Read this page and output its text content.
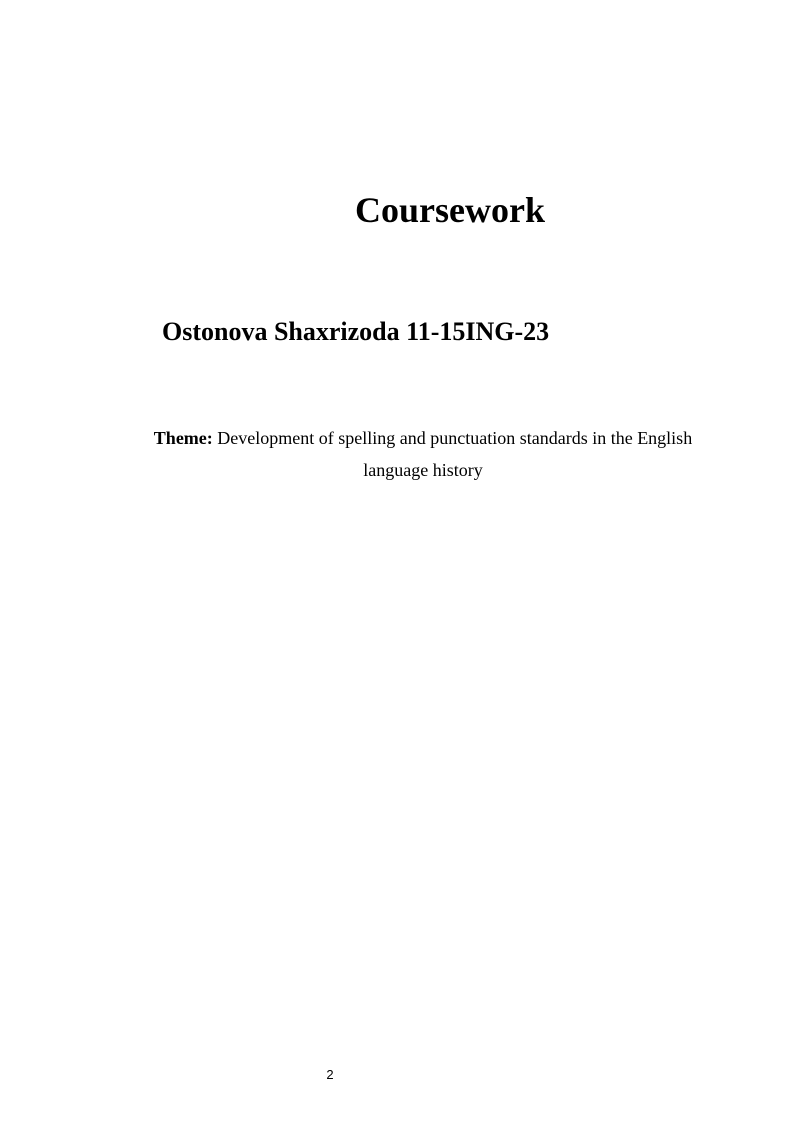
Coursework
Ostonova Shaxrizoda 11-15ING-23

Theme: Development of spelling and punctuation standards in the English language history

2
